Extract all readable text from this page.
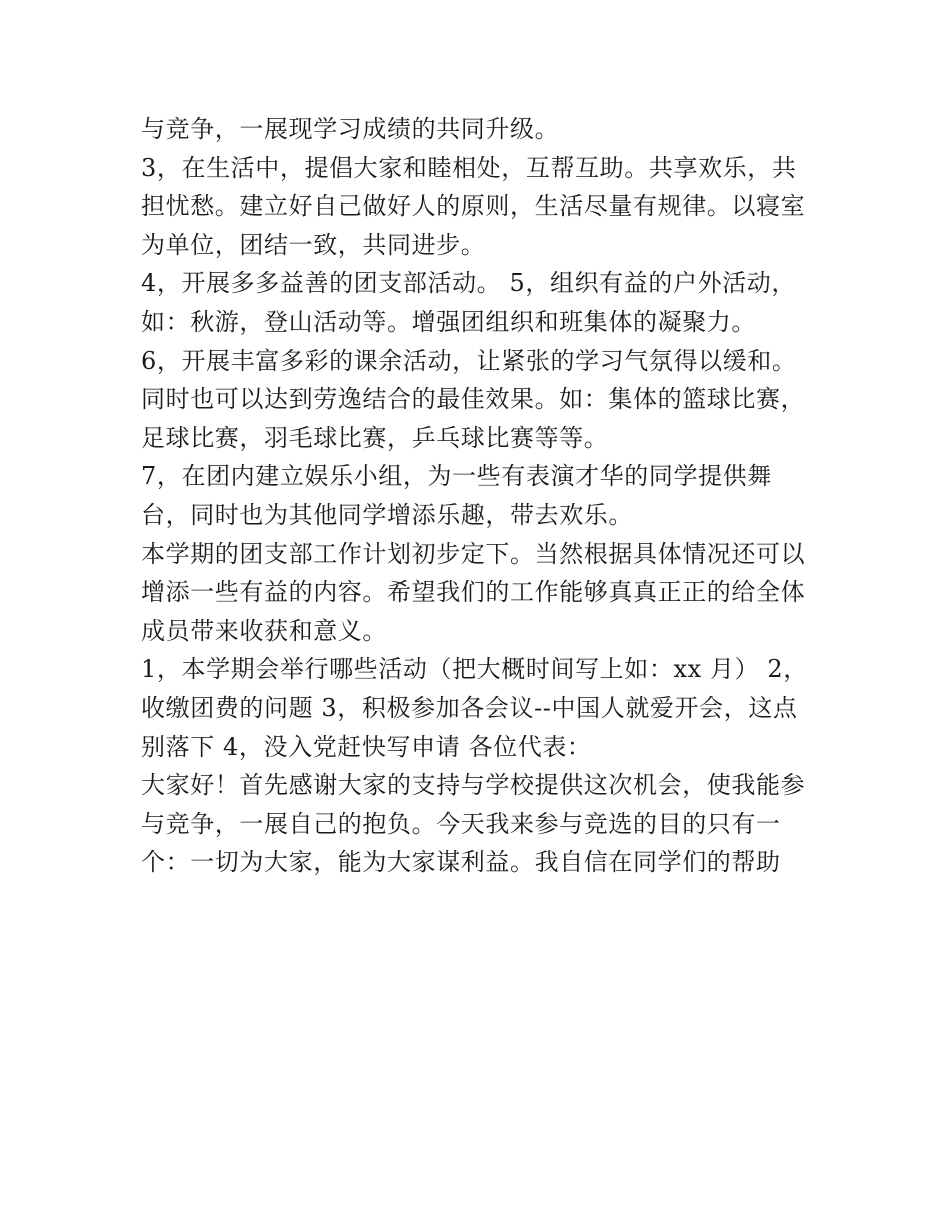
与竞争，一展现学习成绩的共同升级。
3，在生活中，提倡大家和睦相处，互帮互助。共享欢乐，共
担忧愁。建立好自己做好人的原则，生活尽量有规律。以寝室
为单位，团结一致，共同进步。
4，开展多多益善的团支部活动。 5，组织有益的户外活动，
如：秋游，登山活动等。增强团组织和班集体的凝聚力。
6，开展丰富多彩的课余活动，让紧张的学习气氛得以缓和。
同时也可以达到劳逸结合的最佳效果。如：集体的篮球比赛，
足球比赛，羽毛球比赛，乒乓球比赛等等。
7，在团内建立娱乐小组，为一些有表演才华的同学提供舞
台，同时也为其他同学增添乐趣，带去欢乐。
本学期的团支部工作计划初步定下。当然根据具体情况还可以
增添一些有益的内容。希望我们的工作能够真真正正的给全体
成员带来收获和意义。
1，本学期会举行哪些活动（把大概时间写上如：xx 月） 2，
收缴团费的问题 3，积极参加各会议--中国人就爱开会，这点
别落下 4，没入党赶快写申请 各位代表：
大家好！首先感谢大家的支持与学校提供这次机会，使我能参
与竞争，一展自己的抱负。今天我来参与竞选的目的只有一
个：一切为大家，能为大家谋利益。我自信在同学们的帮助
